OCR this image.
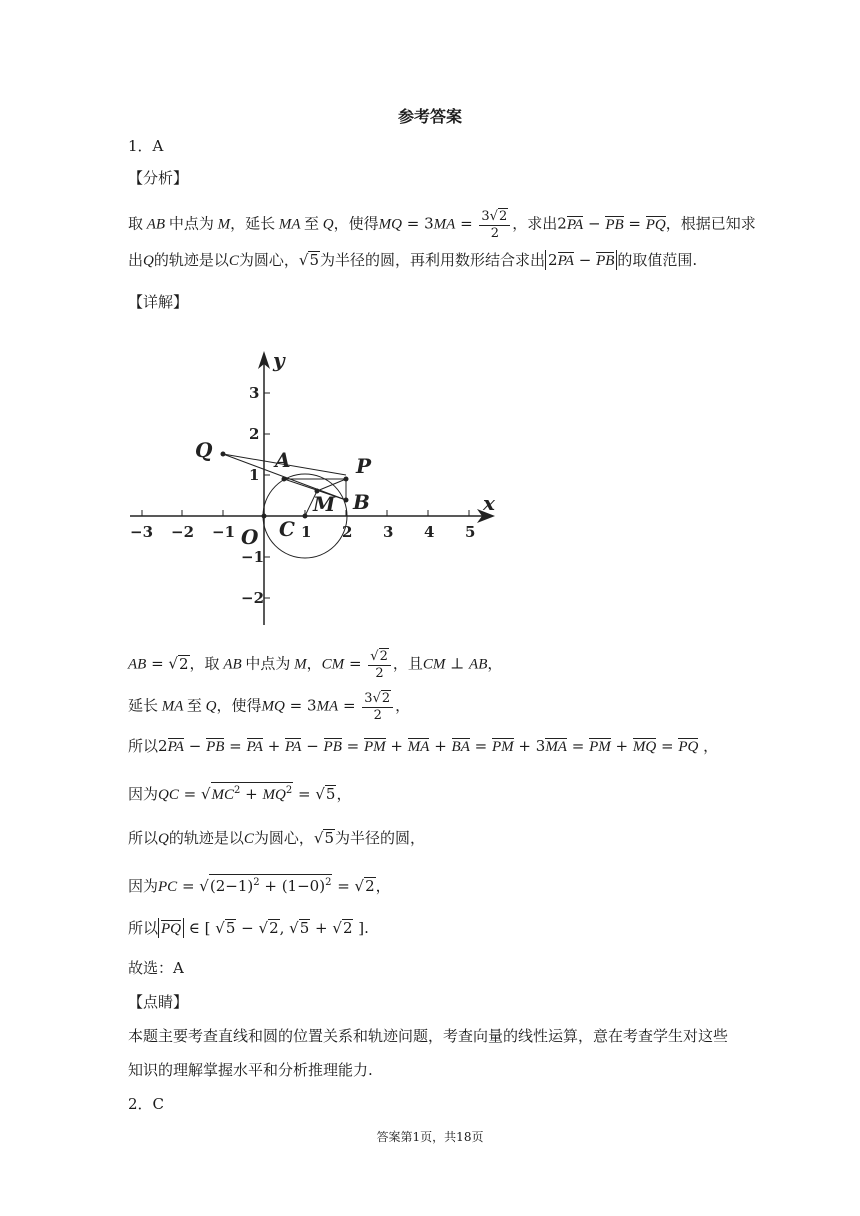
参考答案
1．A
【分析】
取 AB 中点为 M，延长 MA 至 Q，使得MQ = $3MA = \frac{3√2}{2}$ ，求出2PA − PB = PQ，根据已知求
出Q的轨迹是以C为圆心，√5为半径的圆，再利用数形结合求出 2PA − PB 的取值范围.
【详解】
−3 −2 −1	1 2 3 4 5
3
2
1
−1
−2
x
y
Q	A	P
M B
C
O
AB = √2，取 AB 中点为 M，CM = $\frac{√2}{2}$ ，且CM ⊥ AB，
延长 MA 至 Q，使得MQ = $3MA = \frac{3√2}{2}$ ，
所以2PA − PB = PA + PA − PB = PM + MA + BA = PM + 3MA = PM + MQ = PQ ，
因为QC = $√MC^2 + MQ^2 = √5$，
所以Q的轨迹是以C为圆心，√5为半径的圆，
因为PC = $√(2-1)^2 + (1-0)^2 = √2$，
所以 PQ ∈ [ √5 − √2, √5 + √2 ].
故选：A
【点睛】
本题主要考查直线和圆的位置关系和轨迹问题，考查向量的线性运算，意在考查学生对这些
知识的理解掌握水平和分析推理能力.
2．C
答案第1页，共18页
